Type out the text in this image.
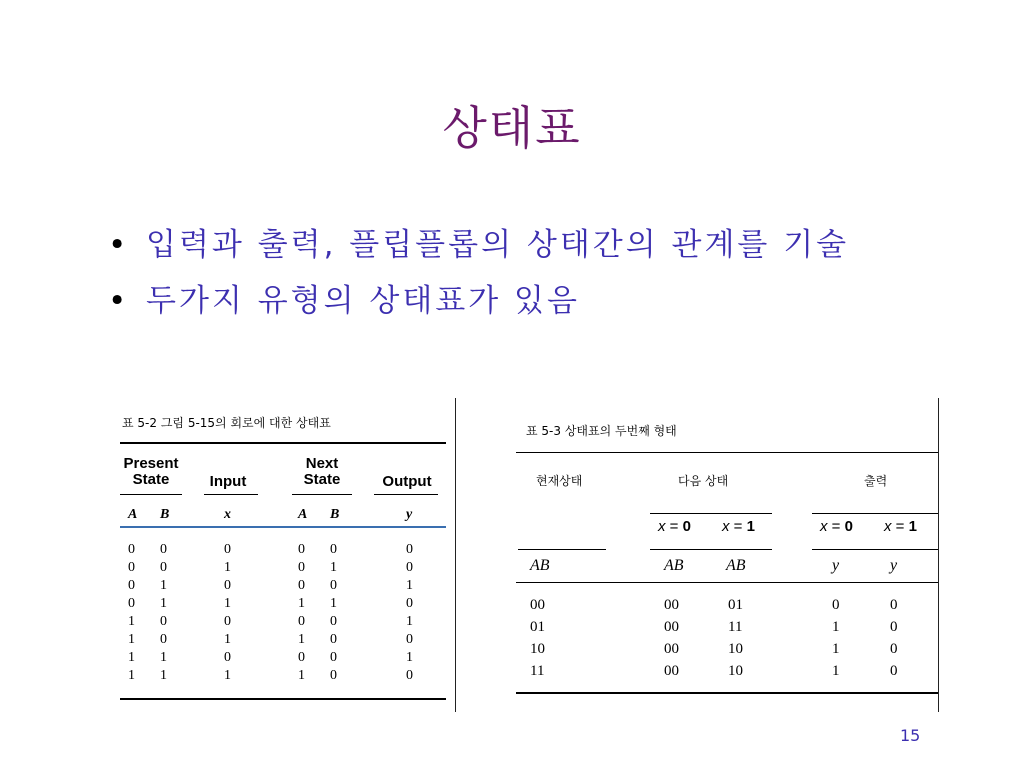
상태표
• 입력과 출력, 플립플롭의 상태간의 관계를 기술
• 두가지 유형의 상태표가 있음
표 5-2 그림 5-15의 회로에 대한 상태표
Present
State	Input
Next
State	Output
A B	x	A B	y
0 0	0	0 0	0
0 0	1	0 1	0
0 1	0	0 0	1
0 1	1	1 1	0
1 0	0	0 0	1
1 0	1	1 0	0
1 1	0	0 0	1
1 1	1	1 0	0
표 5-3 상태표의 두번째 형태
현재상태	다음 상태	출력
x = 0 x = 1	x = 0 x = 1
AB	AB	AB	y	y
00	00	01	0	0
01	00	11	1	0
10	00	10	1	0
11	00	10	1	0
15
